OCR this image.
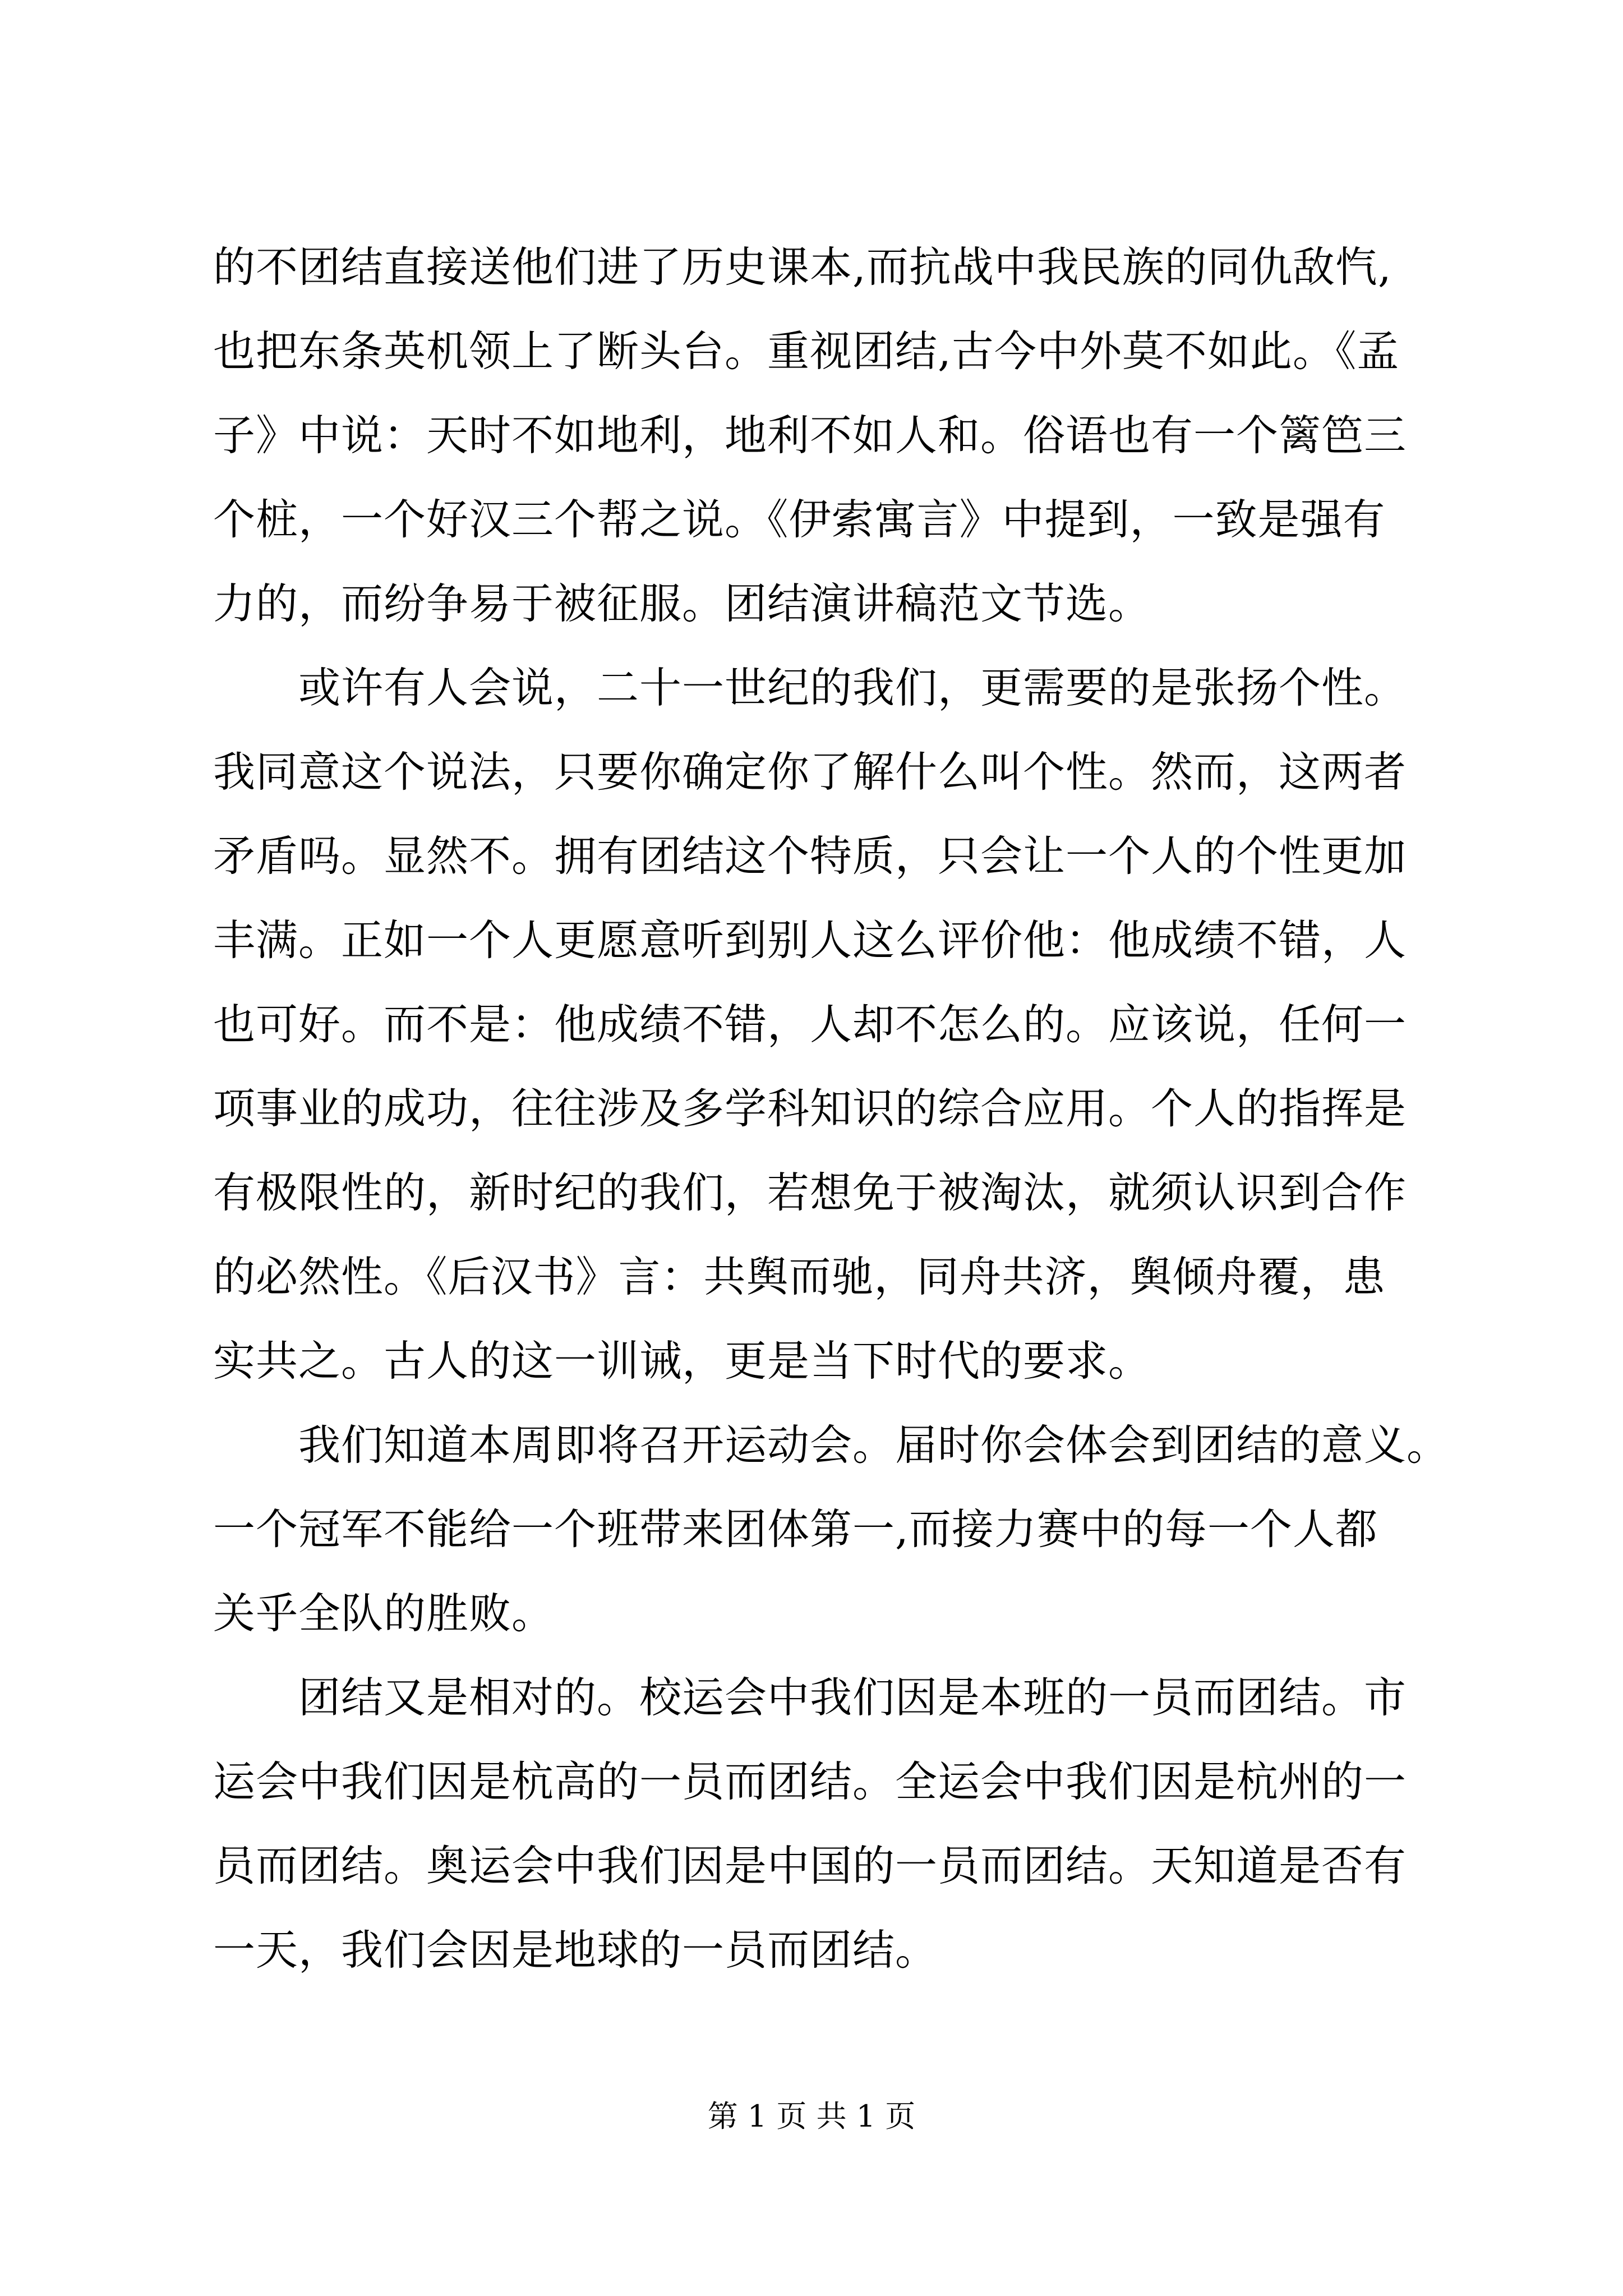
的不团结直接送他们进了历史课本,而抗战中我民族的同仇敌忾,
也把东条英机领上了断头台。重视团结,古今中外莫不如此。《孟
子》中说：天时不如地利，地利不如人和。俗语也有一个篱笆三
个桩，一个好汉三个帮之说。《伊索寓言》中提到，一致是强有
力的，而纷争易于被征服。团结演讲稿范文节选。
　　或许有人会说，二十一世纪的我们，更需要的是张扬个性。
我同意这个说法，只要你确定你了解什么叫个性。然而，这两者
矛盾吗。显然不。拥有团结这个特质，只会让一个人的个性更加
丰满。正如一个人更愿意听到别人这么评价他：他成绩不错，人
也可好。而不是：他成绩不错，人却不怎么的。应该说，任何一
项事业的成功，往往涉及多学科知识的综合应用。个人的指挥是
有极限性的，新时纪的我们，若想免于被淘汰，就须认识到合作
的必然性。《后汉书》言：共舆而驰，同舟共济，舆倾舟覆，患
实共之。古人的这一训诫，更是当下时代的要求。
　　我们知道本周即将召开运动会。届时你会体会到团结的意义。
一个冠军不能给一个班带来团体第一,而接力赛中的每一个人都
关乎全队的胜败。
　　团结又是相对的。校运会中我们因是本班的一员而团结。市
运会中我们因是杭高的一员而团结。全运会中我们因是杭州的一
员而团结。奥运会中我们因是中国的一员而团结。天知道是否有
一天，我们会因是地球的一员而团结。
第 1 页 共 1 页
